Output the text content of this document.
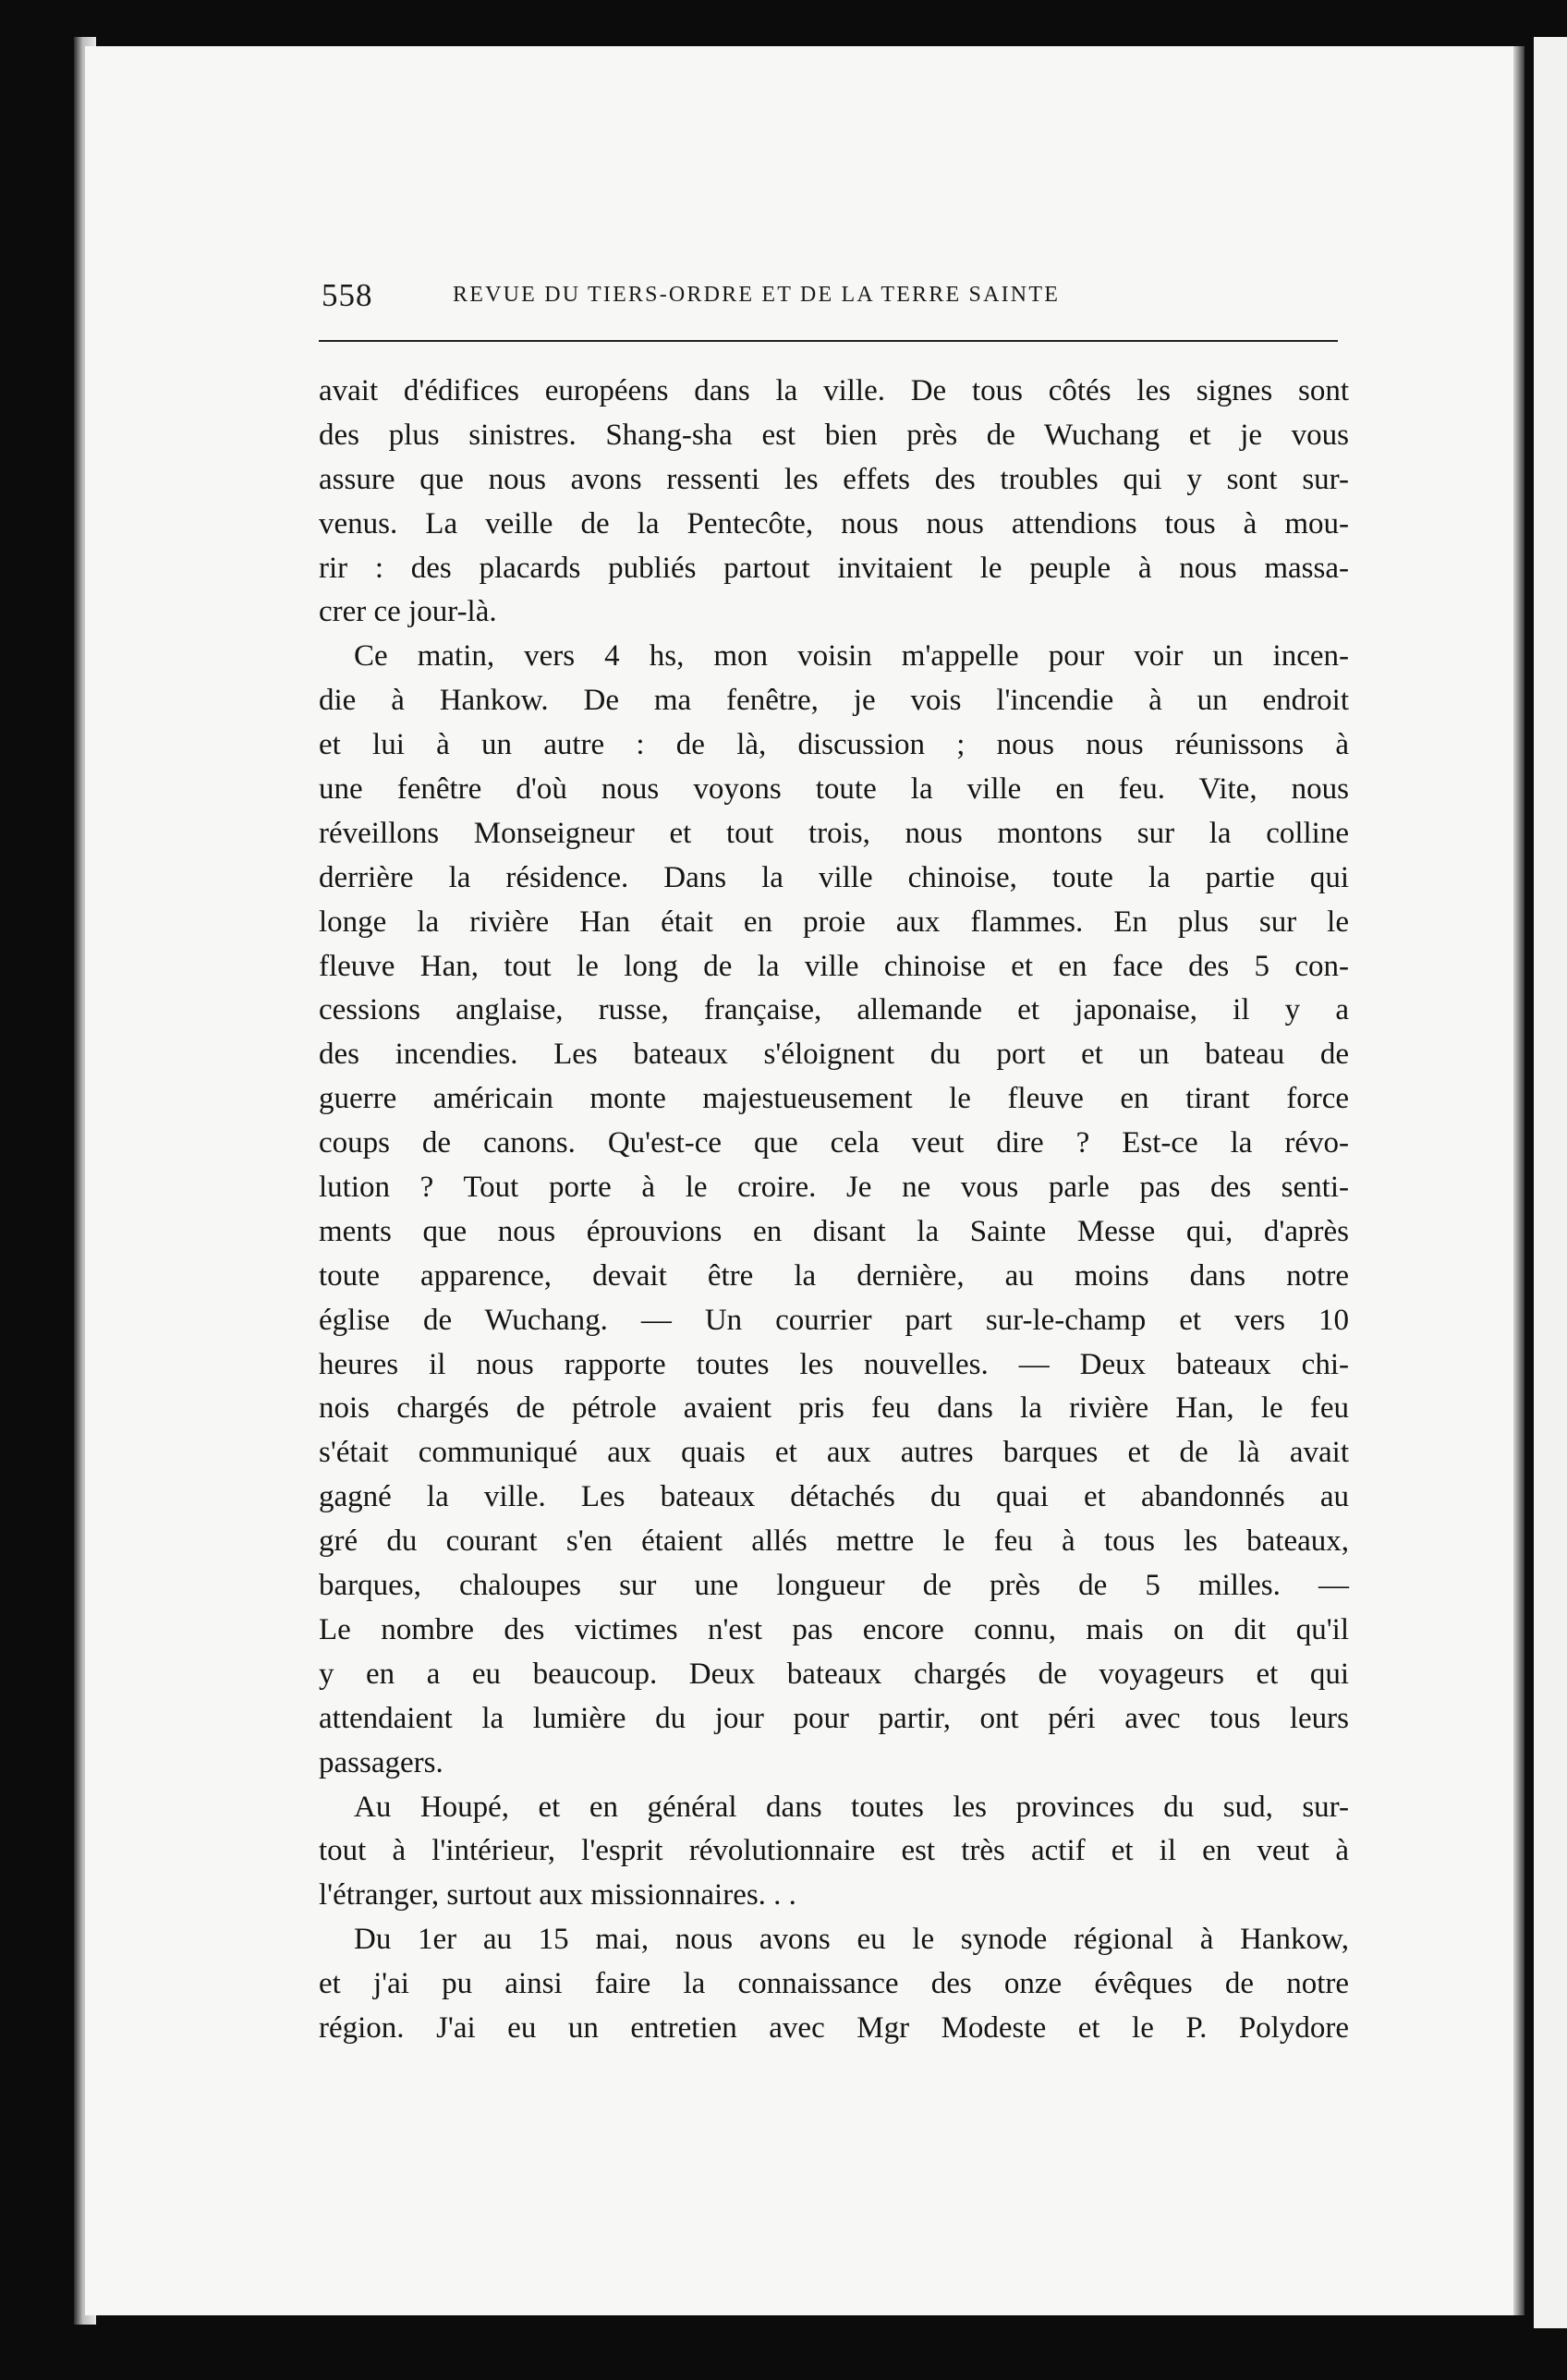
558	REVUE DU TIERS-ORDRE ET DE LA TERRE SAINTE
avait d'édifices européens dans la ville. De tous côtés les signes sont
des plus sinistres. Shang-sha est bien près de Wuchang et je vous
assure que nous avons ressenti les effets des troubles qui y sont sur-
venus. La veille de la Pentecôte, nous nous attendions tous à mou-
rir : des placards publiés partout invitaient le peuple à nous massa-
crer ce jour-là.
Ce matin, vers 4 hs, mon voisin m'appelle pour voir un incen-
die à Hankow. De ma fenêtre, je vois l'incendie à un endroit
et lui à un autre : de là, discussion ; nous nous réunissons à
une fenêtre d'où nous voyons toute la ville en feu. Vite, nous
réveillons Monseigneur et tout trois, nous montons sur la colline
derrière la résidence. Dans la ville chinoise, toute la partie qui
longe la rivière Han était en proie aux flammes. En plus sur le
fleuve Han, tout le long de la ville chinoise et en face des 5 con-
cessions anglaise, russe, française, allemande et japonaise, il y a
des incendies. Les bateaux s'éloignent du port et un bateau de
guerre américain monte majestueusement le fleuve en tirant force
coups de canons. Qu'est-ce que cela veut dire ? Est-ce la révo-
lution ? Tout porte à le croire. Je ne vous parle pas des senti-
ments que nous éprouvions en disant la Sainte Messe qui, d'après
toute apparence, devait être la dernière, au moins dans notre
église de Wuchang. — Un courrier part sur-le-champ et vers 10
heures il nous rapporte toutes les nouvelles. — Deux bateaux chi-
nois chargés de pétrole avaient pris feu dans la rivière Han, le feu
s'était communiqué aux quais et aux autres barques et de là avait
gagné la ville. Les bateaux détachés du quai et abandonnés au
gré du courant s'en étaient allés mettre le feu à tous les bateaux,
barques, chaloupes sur une longueur de près de 5 milles. —
Le nombre des victimes n'est pas encore connu, mais on dit qu'il
y en a eu beaucoup. Deux bateaux chargés de voyageurs et qui
attendaient la lumière du jour pour partir, ont péri avec tous leurs
passagers.
Au Houpé, et en général dans toutes les provinces du sud, sur-
tout à l'intérieur, l'esprit révolutionnaire est très actif et il en veut à
l'étranger, surtout aux missionnaires. . .
Du 1er au 15 mai, nous avons eu le synode régional à Hankow,
et j'ai pu ainsi faire la connaissance des onze évêques de notre
région. J'ai eu un entretien avec Mgr Modeste et le P. Polydore
